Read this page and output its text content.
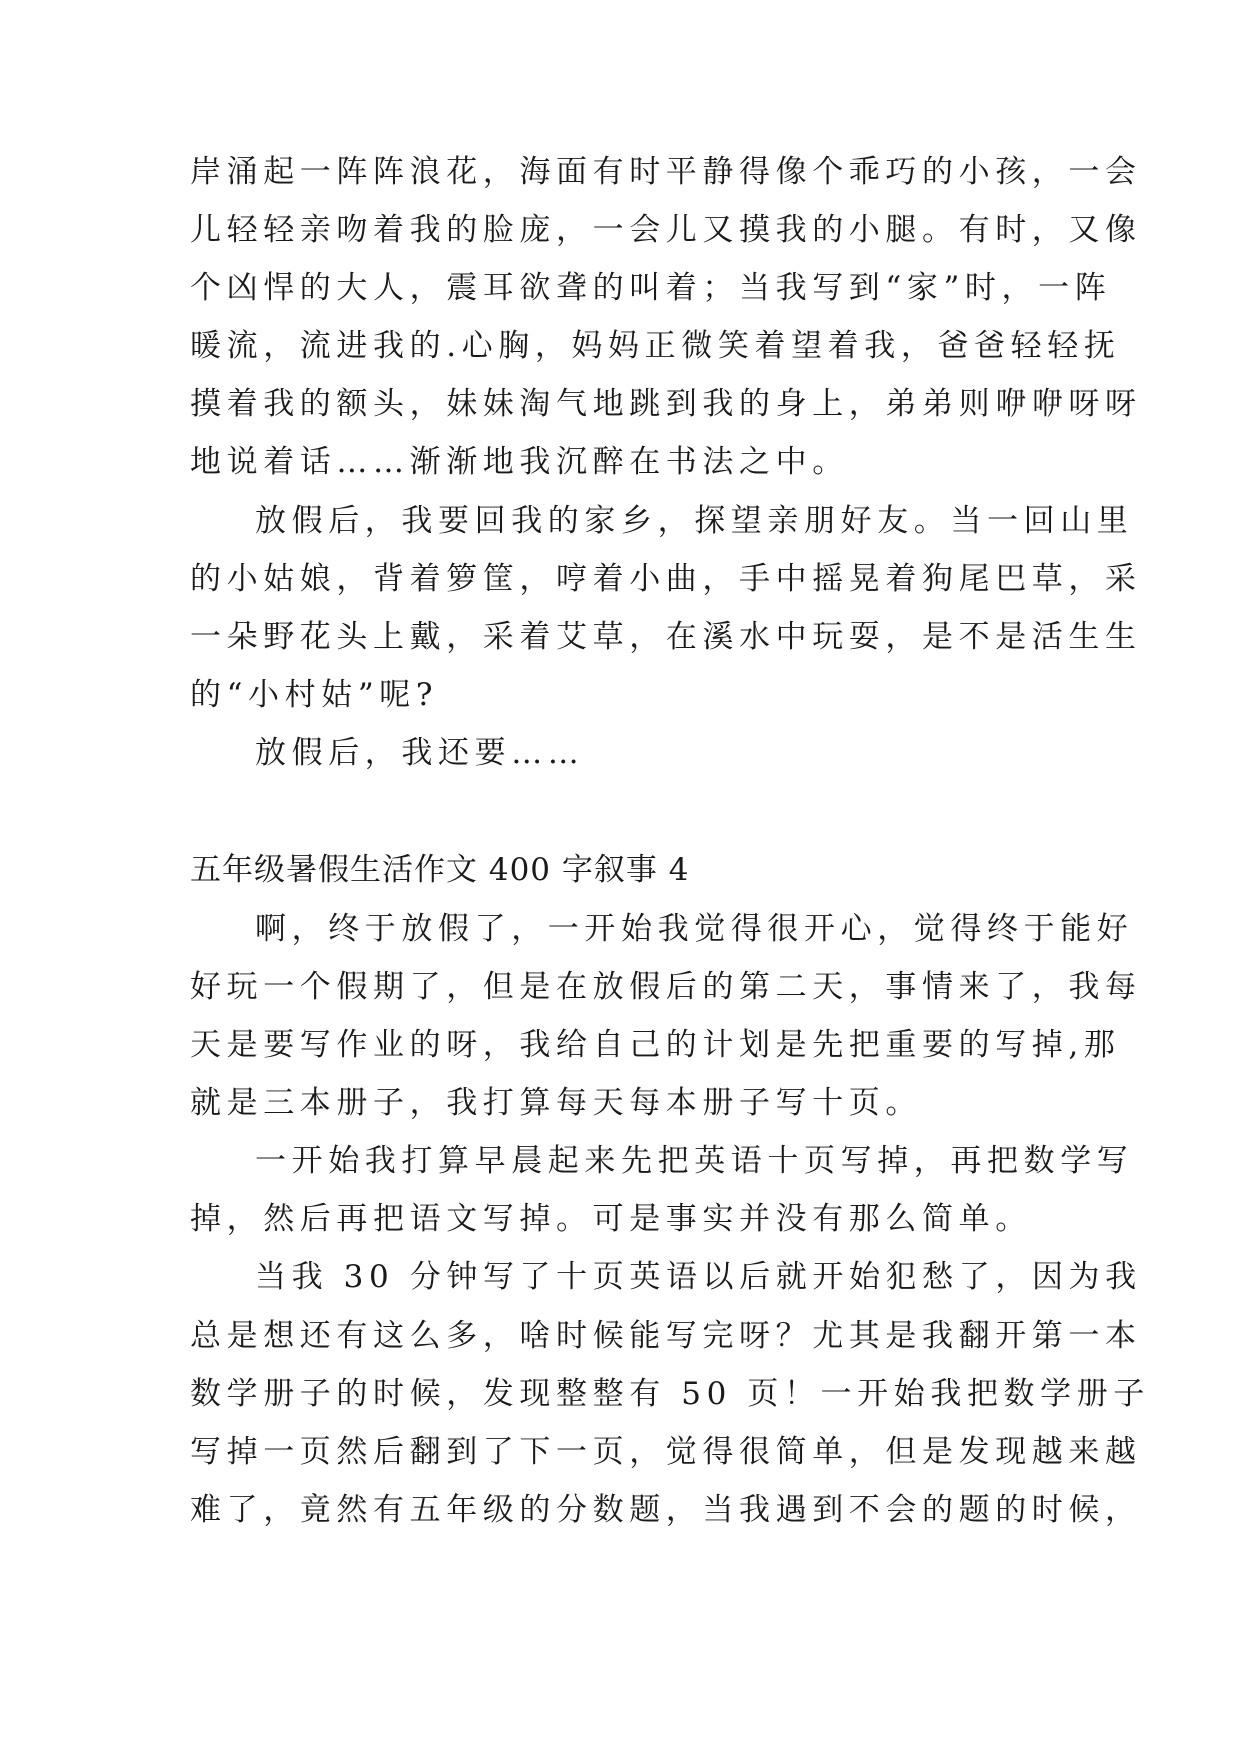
岸涌起一阵阵浪花，海面有时平静得像个乖巧的小孩，一会
儿轻轻亲吻着我的脸庞，一会儿又摸我的小腿。有时，又像
个凶悍的大人，震耳欲聋的叫着；当我写到“家”时，一阵
暖流，流进我的.心胸，妈妈正微笑着望着我，爸爸轻轻抚
摸着我的额头，妹妹淘气地跳到我的身上，弟弟则咿咿呀呀
地说着话……渐渐地我沉醉在书法之中。
放假后，我要回我的家乡，探望亲朋好友。当一回山里
的小姑娘，背着箩筐，哼着小曲，手中摇晃着狗尾巴草，采
一朵野花头上戴，采着艾草，在溪水中玩耍，是不是活生生
的“小村姑”呢?
放假后，我还要……
五年级暑假生活作文 400 字叙事 4
啊，终于放假了，一开始我觉得很开心，觉得终于能好
好玩一个假期了，但是在放假后的第二天，事情来了，我每
天是要写作业的呀，我给自己的计划是先把重要的写掉,那
就是三本册子，我打算每天每本册子写十页。
一开始我打算早晨起来先把英语十页写掉，再把数学写
掉，然后再把语文写掉。可是事实并没有那么简单。
当我 30 分钟写了十页英语以后就开始犯愁了，因为我
总是想还有这么多，啥时候能写完呀？尤其是我翻开第一本
数学册子的时候，发现整整有 50 页！一开始我把数学册子
写掉一页然后翻到了下一页，觉得很简单，但是发现越来越
难了，竟然有五年级的分数题，当我遇到不会的题的时候，
